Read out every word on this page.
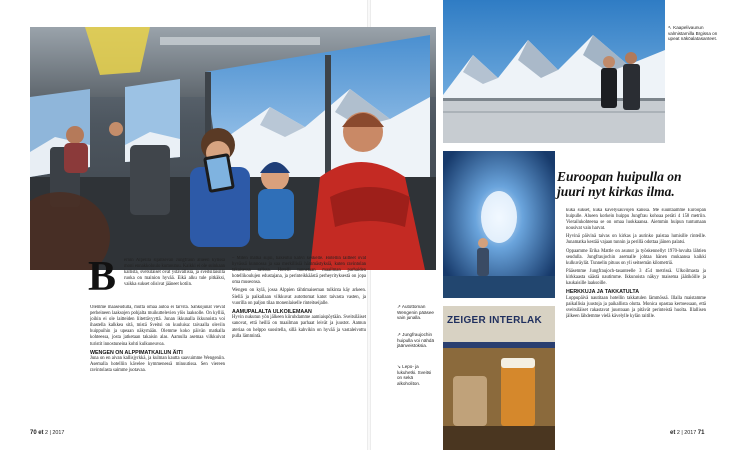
ZEIGER INTERLAK
↖ Kaapelivaunun valmistamilla Brgissa on upeat näköalatasanteet.
↗ Autottoman Wengenin pääsee vain junalla.
↗ Jungfraujochin huipulla voi nähdä jäänveistoksia.
↘ Lepo- ja lukuhetki. Sveitsi on sekä alkoholiton.
Euroopan huipulla on juuri nyt kirkas ilma.
B ernin Alpeilla sijaitsevan Jungfraun alueen kylissä moni ennakkoluulo kumoutuu. Kaikki ei ole suinkaan kallista, svetsiläiset ovat ystävällisiä, ja sveitsiläisillä ruoka on mainion hyvää. Eikä alku tule pitkäksi, vaikka sukset olisivat jääneet kotiin.

Olemme maaseudulla, mutta omaa autoa ei tarvita. Sähköjunat vievät perheineen laaksojen pohjalta muikuttelevien ylös laaksolle. On kylliä, joihin ei ole laitteiden liitettävyyttä. Junan ikkunalla ikkunoista voi ihastella kalkkea sitä, mistä Sveitsi on kuuluisa: taivaalla oleviin huippuihin ja upeaan näkymään. Olemme koko päivän matkalla kohteessa, josta jatketaan takaisin alas. Aamulla asemaa vilkkuivat turistit innostuneina kohti kulkuneuvoa.

WENGEN ON ALPPIMATKAILUN ÄITI

Juna on en aivan kallisjyrkkä, ja kulman kautta saavuimme Wengeniin. Asemalla hotelliin kävelee kymmenessä minuutissa. Sen viereen ravintolasta saimme juotavaa.

– Miten matka sujui, hakeutui kahvi keskelle. Hotellin laitteet ovat hyvässä kunnossa ja saa merkillisiä hämmästyksiä, kuten ravintolan takaisessa salissa. Hotelli tunnetaan maailman parhaiden hotellikoulujen edustajana, ja perinteikkäästä perheyrityksestä on jopa oma museonsa.

Wengen on kylä, jossa Alppien tähtimaiseman tulkinta käy arkeen. Siellä ja paikallaan vilkkuvat autottomat katot taivasta vasten, ja vuorilla on paljon tilaa monenlaiselle rinteitseijalle.

AAMUPALALTA ULKOILEMAAN

Hyvin nukutun yön jälkeen kiiruhdamme aamiaispöytään. Sveitsiläiset sanovat, että heillä on maailman parhaat leivät ja juustot. Aamun ateriaa on helppo suositella, sillä kahvikin on hyvää ja vastaleivottu pulla lämmintä.

kuka sukset, kuka kävelysauvojen kanssa. Me suuntaamme Euroopan huipulle. Alueen korkein huippu Jungfrau kohoaa peräti 4 158 metriin. Vierailukohteena se on omaa luokkaansa. Aiemmin huipun tuntumaan nousivat vain harvat.

Hyvinä päivinä taivas on kirkas ja aurinko paistaa lumisille rinteille. Junamatka kestää vajaan tunnin ja perillä odottaa jäinen palatsi.

Oppaamme Erika Mattle on asunut ja työskennellyt 1970-luvulta lähtien seudulla. Jungfraujochin asemalle johtaa hänen mukaansa kaikki kulkuväylät. Tunnelin pituus on yli seitsemän kilometriä.

Pääsemme Jungfraujoch-tasanteelle 3 454 metrissä. Ulkoilmasta ja kirkkaasta säästä nautimme. Ikkunoista näkyy maisema jäätiköille ja kaukaisille laaksoille.

HERKKUJA JA TAKKATULTA

Loppupäivä nautitaan hotellin takkatulen lämmössä. Illalla maistamme paikallisia juustoja ja paikallista olutta. Monica opastaa kertoessaan, että sveitsiläiset rakastavat juustoaan ja pitävät perinteistä huolta. Illallisen jälkeen lähdemme vielä kävelylle kylän raitille.

70 et 2 | 2017	et 2 | 2017 71
